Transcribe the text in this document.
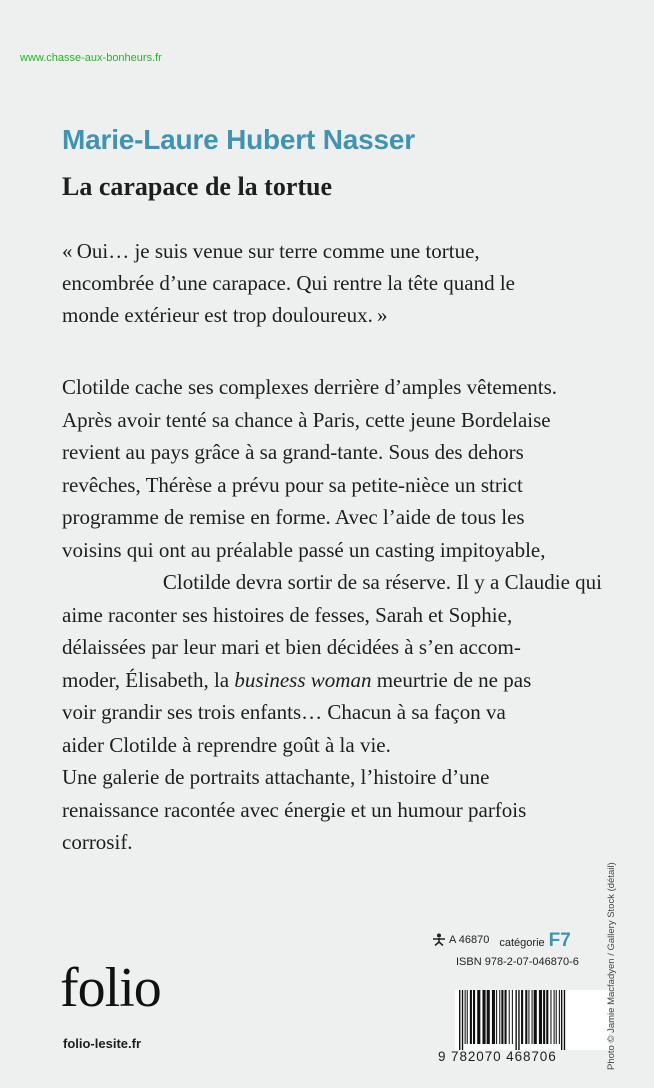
www.chasse-aux-bonheurs.fr
Marie-Laure Hubert Nasser
La carapace de la tortue

« Oui… je suis venue sur terre comme une tortue,
encombrée d’une carapace. Qui rentre la tête quand le
monde extérieur est trop douloureux. »

Clotilde cache ses complexes derrière d’amples vêtements.
Après avoir tenté sa chance à Paris, cette jeune Bordelaise
revient au pays grâce à sa grand-tante. Sous des dehors
revêches, Thérèse a prévu pour sa petite-nièce un strict
programme de remise en forme. Avec l’aide de tous les
voisins qui ont au préalable passé un casting impitoyable,
Clotilde devra sortir de sa réserve. Il y a Claudie qui
aime raconter ses histoires de fesses, Sarah et Sophie,
délaissées par leur mari et bien décidées à s’en accom-
moder, Élisabeth, la business woman meurtrie de ne pas
voir grandir ses trois enfants… Chacun à sa façon va
aider Clotilde à reprendre goût à la vie.
Une galerie de portraits attachante, l’histoire d’une
renaissance racontée avec énergie et un humour parfois
corrosif.

A 46870 catégorie F7
ISBN 978-2-07-046870-6
9 782070 468706
folio
folio-lesite.fr	Photo © Jamie Macfadyen / Gallery Stock (détail)
